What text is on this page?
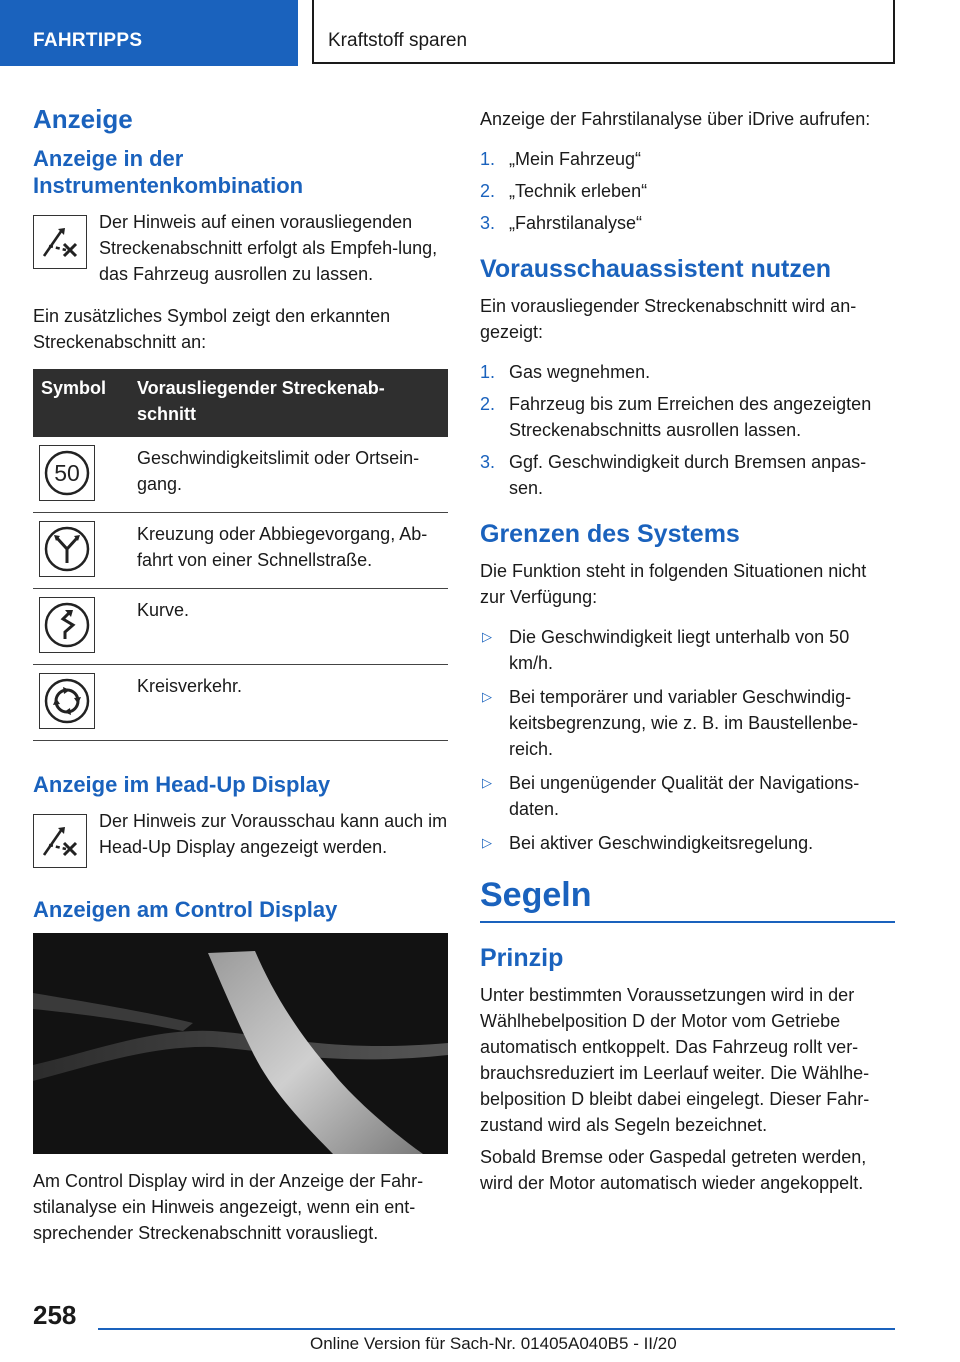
FAHRTIPPS	Kraftstoff sparen
Anzeige
Anzeige in der Instrumentenkombination
Der Hinweis auf einen vorausliegenden Streckenabschnitt erfolgt als Empfeh-lung, das Fahrzeug ausrollen zu lassen.
Ein zusätzliches Symbol zeigt den erkannten Streckenabschnitt an:
Symbol	Vorausliegender Streckenab-schnitt

50	Geschwindigkeitslimit oder Ortsein-gang.

	Kreuzung oder Abbiegevorgang, Ab-fahrt von einer Schnellstraße.

	Kurve.

	Kreisverkehr.
Anzeige im Head-Up Display
Der Hinweis zur Vorausschau kann auch im Head-Up Display angezeigt werden.
Anzeigen am Control Display
Am Control Display wird in der Anzeige der Fahr-stilanalyse ein Hinweis angezeigt, wenn ein ent-sprechender Streckenabschnitt vorausliegt.
Anzeige der Fahrstilanalyse über iDrive aufrufen:
1. „Mein Fahrzeug“
2. „Technik erleben“
3. „Fahrstilanalyse“
Vorausschauassistent nutzen
Ein vorausliegender Streckenabschnitt wird an-gezeigt:
1. Gas wegnehmen.
2. Fahrzeug bis zum Erreichen des angezeigten Streckenabschnitts ausrollen lassen.
3. Ggf. Geschwindigkeit durch Bremsen anpas-sen.
Grenzen des Systems
Die Funktion steht in folgenden Situationen nicht zur Verfügung:
▷ Die Geschwindigkeit liegt unterhalb von 50 km/h.
▷ Bei temporärer und variabler Geschwindig-keitsbegrenzung, wie z. B. im Baustellenbe-reich.
▷ Bei ungenügender Qualität der Navigations-daten.
▷ Bei aktiver Geschwindigkeitsregelung.
Segeln
Prinzip
Unter bestimmten Voraussetzungen wird in der Wählhebelposition D der Motor vom Getriebe automatisch entkoppelt. Das Fahrzeug rollt ver-brauchsreduziert im Leerlauf weiter. Die Wählhe-belposition D bleibt dabei eingelegt. Dieser Fahr-zustand wird als Segeln bezeichnet.
Sobald Bremse oder Gaspedal getreten werden, wird der Motor automatisch wieder angekoppelt.
258
Online Version für Sach-Nr. 01405A040B5 - II/20
